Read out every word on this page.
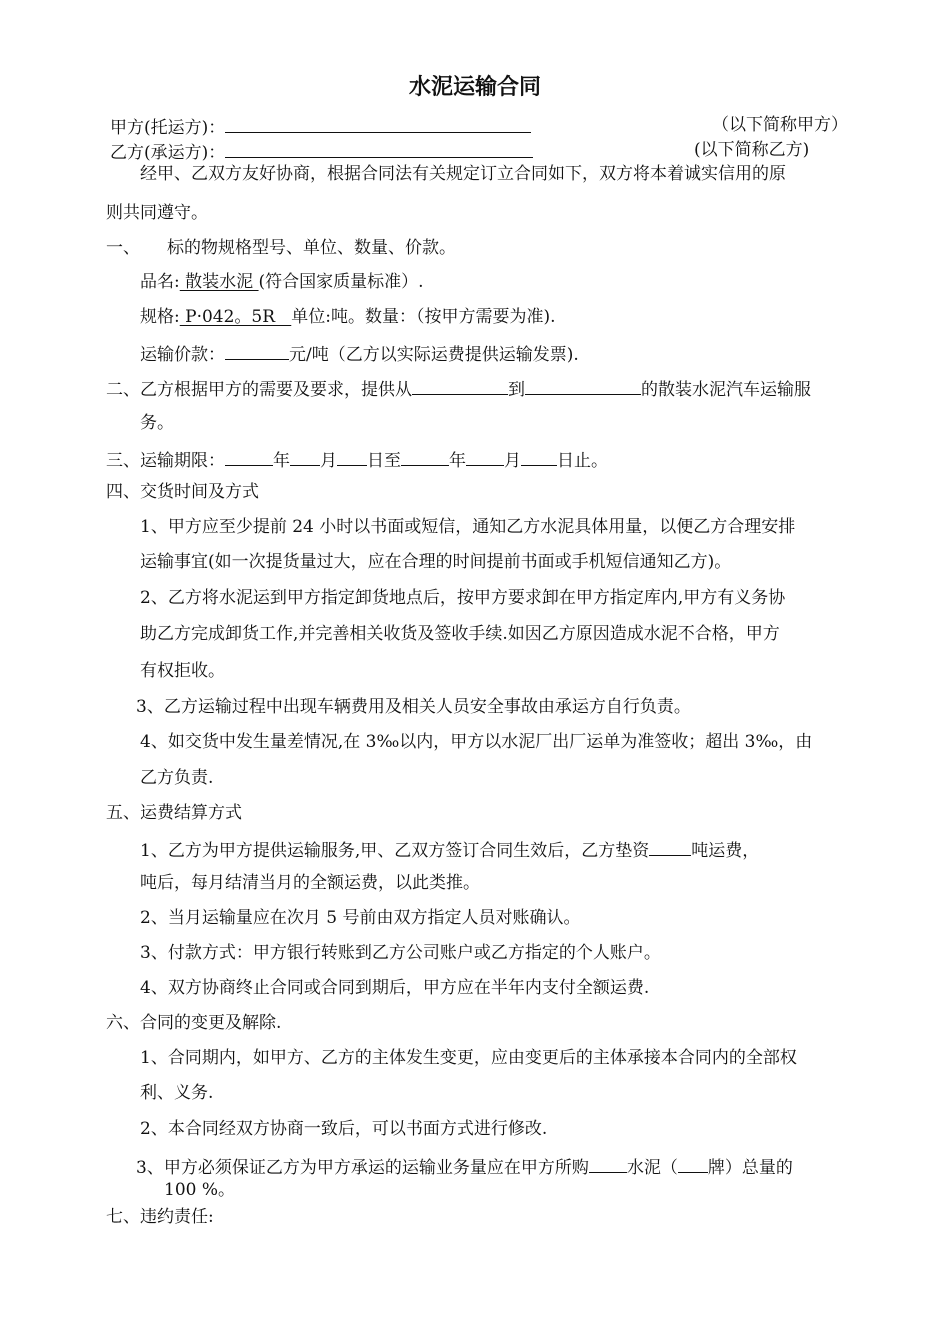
水泥运输合同
甲方(托运方)：	（以下简称甲方）
乙方(承运方)：	(以下简称乙方)
经甲、乙双方友好协商，根据合同法有关规定订立合同如下，双方将本着诚实信用的原
则共同遵守。
一、     标的物规格型号、单位、数量、价款。
品名: 散装水泥 (符合国家质量标准）.
规格: P·042。5R   单位:吨。数量：（按甲方需要为准).
运输价款：	元/吨（乙方以实际运费提供运输发票).
二、乙方根据甲方的需要及要求，提供从	到	的散装水泥汽车运输服
务。
三、运输期限：	年 月 日至	年 月 日止。
四、交货时间及方式
1、甲方应至少提前 24 小时以书面或短信，通知乙方水泥具体用量，以便乙方合理安排
运输事宜(如一次提货量过大，应在合理的时间提前书面或手机短信通知乙方)。
2、乙方将水泥运到甲方指定卸货地点后，按甲方要求卸在甲方指定库内,甲方有义务协
助乙方完成卸货工作,并完善相关收货及签收手续.如因乙方原因造成水泥不合格，甲方
有权拒收。
3、乙方运输过程中出现车辆费用及相关人员安全事故由承运方自行负责。
4、如交货中发生量差情况,在 3‰以内，甲方以水泥厂出厂运单为准签收；超出 3‰，由
乙方负责.
五、运费结算方式
1、乙方为甲方提供运输服务,甲、乙双方签订合同生效后，乙方垫资 吨运费，
吨后，每月结清当月的全额运费，以此类推。
2、当月运输量应在次月 5 号前由双方指定人员对账确认。
3、付款方式：甲方银行转账到乙方公司账户或乙方指定的个人账户。
4、双方协商终止合同或合同到期后，甲方应在半年内支付全额运费.
六、合同的变更及解除.
1、合同期内，如甲方、乙方的主体发生变更，应由变更后的主体承接本合同内的全部权
利、义务.
2、本合同经双方协商一致后，可以书面方式进行修改.
3、甲方必须保证乙方为甲方承运的运输业务量应在甲方所购 水泥（ 牌）总量的
100 %。
七、违约责任:
